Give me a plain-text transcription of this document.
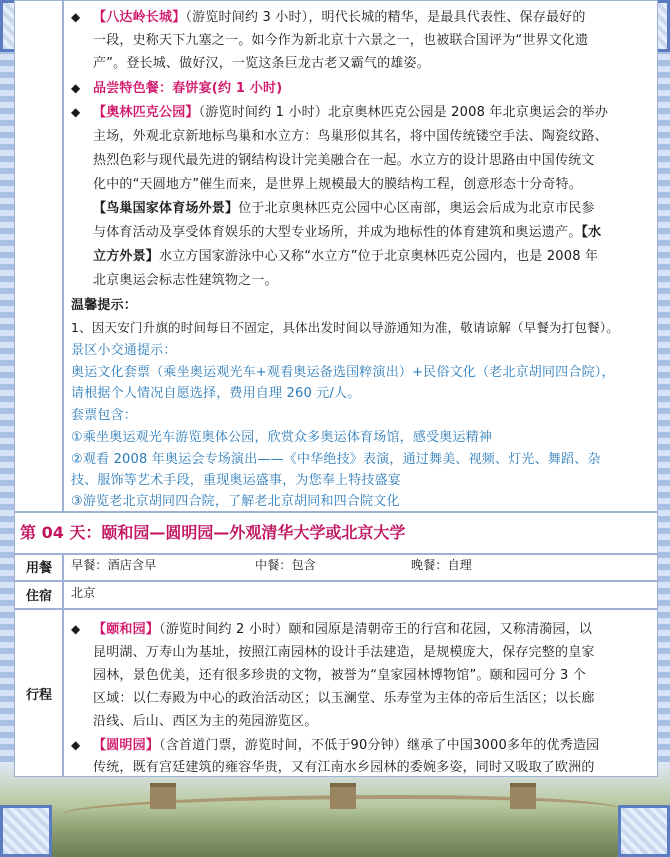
◆ 【八达岭长城】（游览时间约 3 小时），明代长城的精华，是最具代表性、保存最好的
一段，史称天下九塞之一。如今作为新北京十六景之一，也被联合国评为“世界文化遗
产”。登长城、做好汉，一览这条巨龙古老又霸气的雄姿。
◆ 品尝特色餐：春饼宴(约 1 小时)
◆ 【奥林匹克公园】（游览时间约 1 小时）北京奥林匹克公园是 2008 年北京奥运会的举办
主场，外观北京新地标鸟巢和水立方：鸟巢形似其名，将中国传统镂空手法、陶瓷纹路、
热烈色彩与现代最先进的钢结构设计完美融合在一起。水立方的设计思路由中国传统文
化中的“天圆地方”催生而来，是世界上规模最大的膜结构工程，创意形态十分奇特。
【鸟巢国家体育场外景】位于北京奥林匹克公园中心区南部，奥运会后成为北京市民参
与体育活动及享受体育娱乐的大型专业场所，并成为地标性的体育建筑和奥运遗产。【水
立方外景】水立方国家游泳中心又称“水立方”位于北京奥林匹克公园内，也是 2008 年
北京奥运会标志性建筑物之一。
温馨提示：
1、因天安门升旗的时间每日不固定，具体出发时间以导游通知为准，敬请谅解（早餐为打包餐）。
景区小交通提示：
奥运文化套票（乘坐奥运观光车+观看奥运备选国粹演出）+民俗文化（老北京胡同四合院），
请根据个人情况自愿选择，费用自理 260 元/人。
套票包含：
①乘坐奥运观光车游览奥体公园，欣赏众多奥运体育场馆，感受奥运精神
②观看 2008 年奥运会专场演出——《中华绝技》表演，通过舞美、视频、灯光、舞蹈、杂
技、服饰等艺术手段，重现奥运盛事，为您奉上特技盛宴
③游览老北京胡同四合院，了解老北京胡同和四合院文化
第 04 天：颐和园—圆明园—外观清华大学或北京大学
用餐	早餐：酒店含早	中餐：包含	晚餐：自理
住宿	北京
行程
◆ 【颐和园】（游览时间约 2 小时）颐和园原是清朝帝王的行宫和花园，又称清漪园，以
昆明湖、万寿山为基址，按照江南园林的设计手法建造，是规模庞大，保存完整的皇家
园林，景色优美，还有很多珍贵的文物，被誉为“皇家园林博物馆”。颐和园可分 3 个
区域：以仁寿殿为中心的政治活动区；以玉澜堂、乐寿堂为主体的帝后生活区；以长廊
沿线、后山、西区为主的苑园游览区。
◆ 【圆明园】（含首道门票，游览时间，不低于90分钟）继承了中国3000多年的优秀造园
传统，既有宫廷建筑的雍容华贵，又有江南水乡园林的委婉多姿，同时又吸取了欧洲的
